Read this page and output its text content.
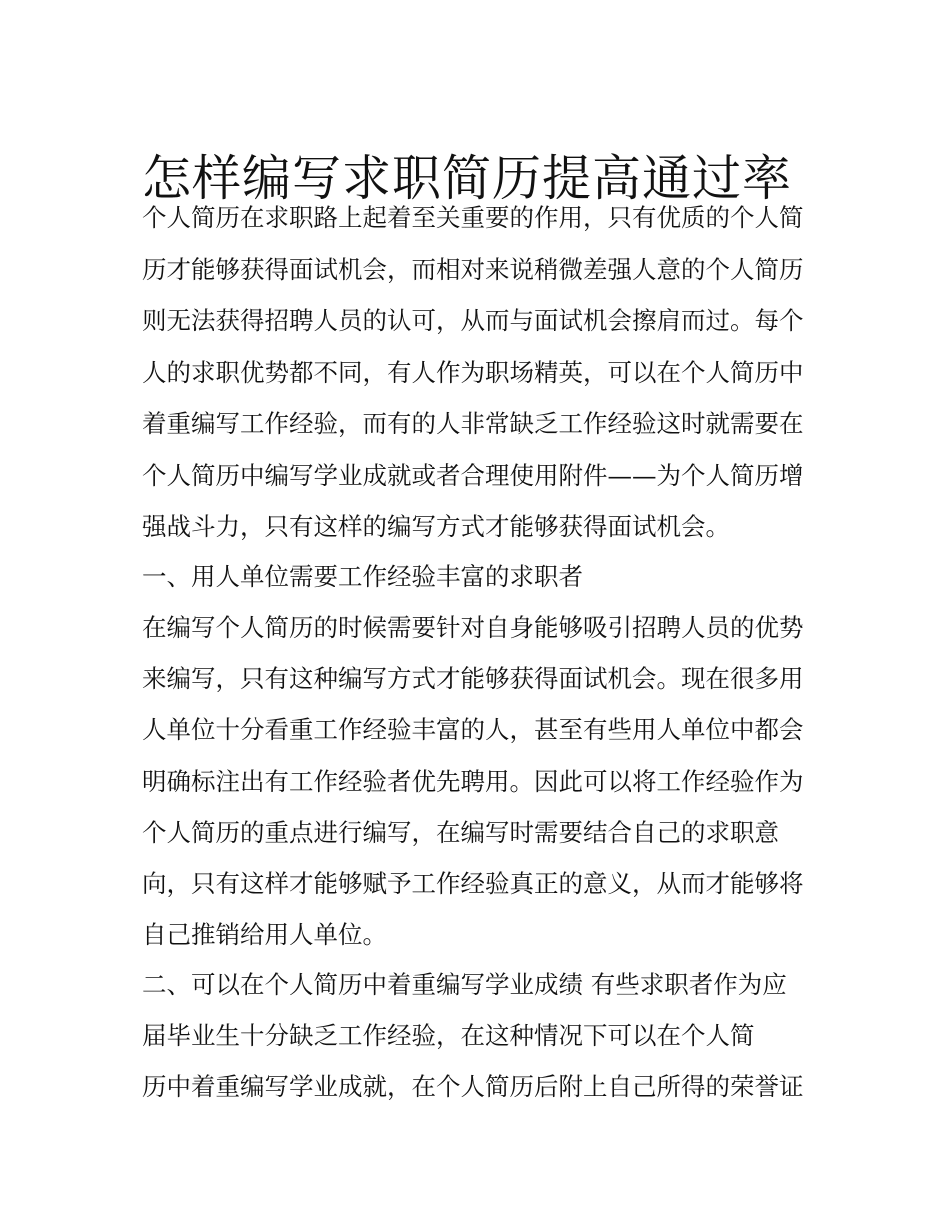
怎样编写求职简历提高通过率
个人简历在求职路上起着至关重要的作用，只有优质的个人简
历才能够获得面试机会，而相对来说稍微差强人意的个人简历
则无法获得招聘人员的认可，从而与面试机会擦肩而过。每个
人的求职优势都不同，有人作为职场精英，可以在个人简历中
着重编写工作经验，而有的人非常缺乏工作经验这时就需要在
个人简历中编写学业成就或者合理使用附件——为个人简历增
强战斗力，只有这样的编写方式才能够获得面试机会。
一、用人单位需要工作经验丰富的求职者
在编写个人简历的时候需要针对自身能够吸引招聘人员的优势
来编写，只有这种编写方式才能够获得面试机会。现在很多用
人单位十分看重工作经验丰富的人，甚至有些用人单位中都会
明确标注出有工作经验者优先聘用。因此可以将工作经验作为
个人简历的重点进行编写，在编写时需要结合自己的求职意
向，只有这样才能够赋予工作经验真正的意义，从而才能够将
自己推销给用人单位。
二、可以在个人简历中着重编写学业成绩 有些求职者作为应
届毕业生十分缺乏工作经验，在这种情况下可以在个人简
历中着重编写学业成就，在个人简历后附上自己所得的荣誉证
